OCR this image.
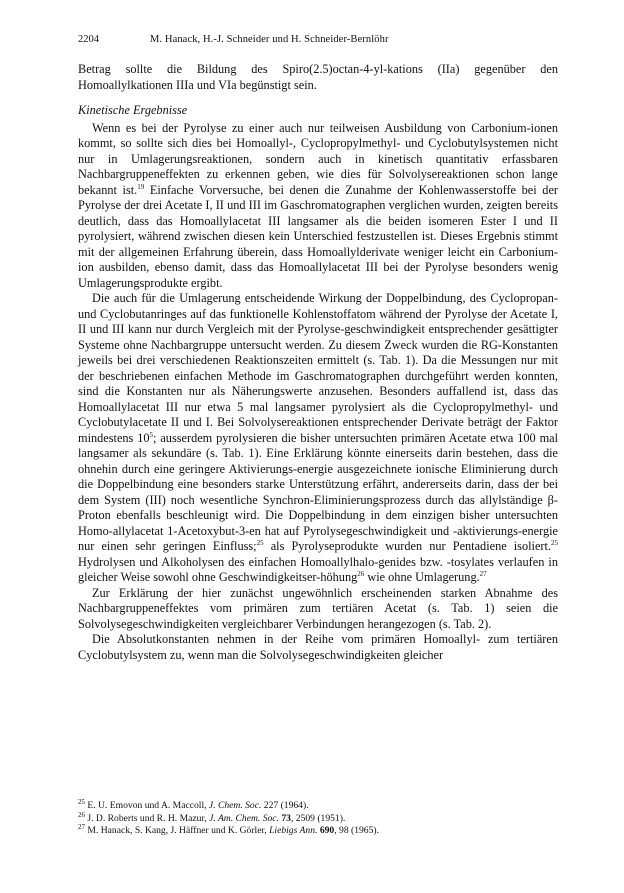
2204	M. Hanack, H.-J. Schneider und H. Schneider-Bernlöhr

Betrag sollte die Bildung des Spiro(2.5)octan-4-yl-kations (IIa) gegenüber den Homoallylkationen IIIa und VIa begünstigt sein.

Kinetische Ergebnisse

Wenn es bei der Pyrolyse zu einer auch nur teilweisen Ausbildung von Carbonium-ionen kommt, so sollte sich dies bei Homoallyl-, Cyclopropylmethyl- und Cyclobutylsystemen nicht nur in Umlagerungsreaktionen, sondern auch in kinetisch quantitativ erfassbaren Nachbargruppeneffekten zu erkennen geben, wie dies für Solvolysereaktionen schon lange bekannt ist.$^{19}$ Einfache Vorversuche, bei denen die Zunahme der Kohlenwasserstoffe bei der Pyrolyse der drei Acetate I, II und III im Gaschromatographen verglichen wurden, zeigten bereits deutlich, dass das Homoallylacetat III langsamer als die beiden isomeren Ester I und II pyrolysiert, während zwischen diesen kein Unterschied festzustellen ist. Dieses Ergebnis stimmt mit der allgemeinen Erfahrung überein, dass Homoallylderivate weniger leicht ein Carbonium-ion ausbilden, ebenso damit, dass das Homoallylacetat III bei der Pyrolyse besonders wenig Umlagerungsprodukte ergibt.

Die auch für die Umlagerung entscheidende Wirkung der Doppelbindung, des Cyclopropan- und Cyclobutanringes auf das funktionelle Kohlenstoffatom während der Pyrolyse der Acetate I, II und III kann nur durch Vergleich mit der Pyrolyse-geschwindigkeit entsprechender gesättigter Systeme ohne Nachbargruppe untersucht werden. Zu diesem Zweck wurden die RG-Konstanten jeweils bei drei verschiedenen Reaktionszeiten ermittelt (s. Tab. 1). Da die Messungen nur mit der beschriebenen einfachen Methode im Gaschromatographen durchgeführt werden konnten, sind die Konstanten nur als Näherungswerte anzusehen. Besonders auffallend ist, dass das Homoallylacetat III nur etwa 5 mal langsamer pyrolysiert als die Cyclopropylmethyl- und Cyclobutylacetate II und I. Bei Solvolysereaktionen entsprechender Derivate beträgt der Faktor mindestens $10^5$; ausserdem pyrolysieren die bisher untersuchten primären Acetate etwa 100 mal langsamer als sekundäre (s. Tab. 1). Eine Erklärung könnte einerseits darin bestehen, dass die ohnehin durch eine geringere Aktivierungs-energie ausgezeichnete ionische Eliminierung durch die Doppelbindung eine besonders starke Unterstützung erfährt, andererseits darin, dass der bei dem System (III) noch wesentliche Synchron-Eliminierungsprozess durch das allylständige β-Proton ebenfalls beschleunigt wird. Die Doppelbindung in dem einzigen bisher untersuchten Homo-allylacetat 1-Acetoxybut-3-en hat auf Pyrolysegeschwindigkeit und -aktivierungs-energie nur einen sehr geringen Einfluss;$^{25}$ als Pyrolyseprodukte wurden nur Pentadiene isoliert.$^{25}$ Hydrolysen und Alkoholysen des einfachen Homoallylhalo-genides bzw. -tosylates verlaufen in gleicher Weise sowohl ohne Geschwindigkeitser-höhung$^{26}$ wie ohne Umlagerung.$^{27}$

Zur Erklärung der hier zunächst ungewöhnlich erscheinenden starken Abnahme des Nachbargruppeneffektes vom primären zum tertiären Acetat (s. Tab. 1) seien die Solvolysegeschwindigkeiten vergleichbarer Verbindungen herangezogen (s. Tab. 2).

Die Absolutkonstanten nehmen in der Reihe vom primären Homoallyl- zum tertiären Cyclobutylsystem zu, wenn man die Solvolysegeschwindigkeiten gleicher

$^{25}$ E. U. Emovon und A. Maccoll, J. Chem. Soc. 227 (1964).

$^{26}$ J. D. Roberts und R. H. Mazur, J. Am. Chem. Soc. 73, 2509 (1951).

$^{27}$ M. Hanack, S. Kang, J. Häffner und K. Görler, Liebigs Ann. 690, 98 (1965).
